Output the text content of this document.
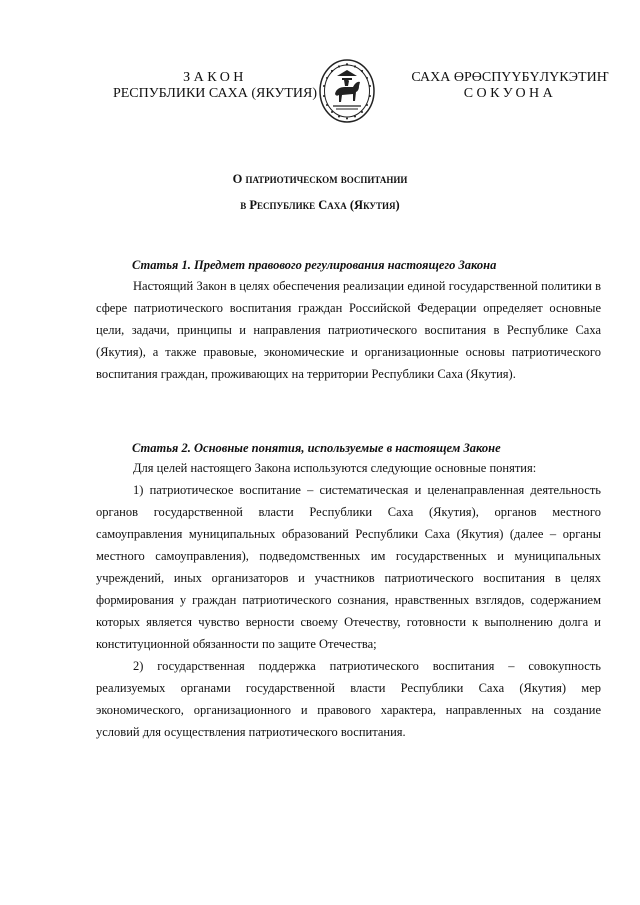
ЗАКОН
РЕСПУБЛИКИ САХА (ЯКУТИЯ)
САХА ӨРӨСПҮҮБҮЛҮКЭТИҤ
СОКУОНА
О патриотическом воспитании
в Республике Саха (Якутия)
Статья 1. Предмет правового регулирования настоящего Закона
Настоящий Закон в целях обеспечения реализации единой государственной политики в сфере патриотического воспитания граждан Российской Федерации определяет основные цели, задачи, принципы и направления патриотического воспитания в Республике Саха (Якутия), а также правовые, экономические и организационные основы патриотического воспитания граждан, проживающих на территории Республики Саха (Якутия).
Статья 2. Основные понятия, используемые в настоящем Законе
Для целей настоящего Закона используются следующие основные понятия:
1) патриотическое воспитание – систематическая и целенаправленная деятельность органов государственной власти Республики Саха (Якутия), органов местного самоуправления муниципальных образований Республики Саха (Якутия) (далее – органы местного самоуправления), подведомственных им государственных и муниципальных учреждений, иных организаторов и участников патриотического воспитания в целях формирования у граждан патриотического сознания, нравственных взглядов, содержанием которых является чувство верности своему Отечеству, готовности к выполнению долга и конституционной обязанности по защите Отечества;
2) государственная поддержка патриотического воспитания – совокупность реализуемых органами государственной власти Республики Саха (Якутия) мер экономического, организационного и правового характера, направленных на создание условий для осуществления патриотического воспитания.
